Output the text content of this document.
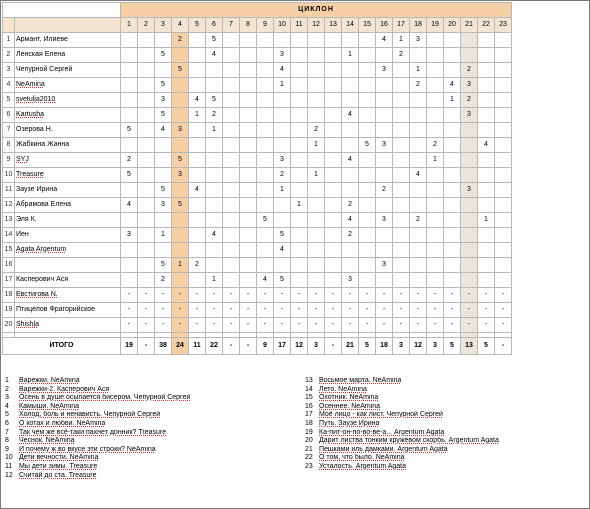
		ЦИКЛОН																						
		1	2	3	4	5	6	7	8	9	10	11	12	13	14	15	16	17	18	19	20	21	22	23
1	Армант, Илиеве				2		5										4	1	3					
2	Ленская Елена			5			4				3				1			2						
3	Чепурной Сергей				5						4						3		1			2		
4	NeAmina			5							1								2		4	3		
5	svetulja2010			3		4	5														1	2		
6	Kartusha			5		1	2								4							3		
7	Озерова Н.	5		4	3		1						2											
8	Жабкина Жанна												1			5	3			2			4	
9	SYJ	2			5						3				4					1				
10	Treasure	5			3						2		1						4					
11	Заузе Ирина			5		4					1						2					3		
12	Абрамова Елена	4		3	5							1			2									
13	Эля К.									5					4		3		2				1	
14	Иен	3		1			4				5				2									
15	Agata Argentum										4													
16				5	1	2											3							
17	Касперович Ася			2			1			4	5				3									
18	Евстигова N.	-	-	-	-	-	-	-	-	-	-	-	-	-	-	-	-	-	-	-	-	-	-	-
19	Птицелов Фрагорийское	-	-	-	-	-	-	-	-	-	-	-	-	-	-	-	-	-	-	-	-	-	-	-
20	Shishla	-	-	-	-	-	-	-	-	-	-	-	-	-	-	-	-	-	-	-	-	-	-	-

ИТОГО		19	-	38	24	11	22	-	-	9	17	12	3	-	21	5	18	3	12	3	5	13	5	-
1 Варежки. NeAmina
2 Варежки-2. Касперович Ася
3 Осень в душе осыпается бисером. Чепурной Сергей
4 Камыши. NeAmina
5 Холод, боль и ненависть. Чепурной Сергей
6 О котах и любви. NeAmina
7 Так чем же всё-таки пахнет донник? Treasure
8 Чеснок. NeAmina
9 И почему ж во вкусе эти строки? NeAmina
10 Дети вечности. NeAmina
11 Мы дети зимы. Treasure
12 Считай до ста. Treasure
13 Восьмое марта. NeAmina
14 Лето. NeAmina
15 Охотник. NeAmina
16 Осеннее. NeAmina
17 Моё лицо - как лист. Чепурной Сергей
18 Путь. Заузе Ирина
19 Ка-пит-он-по-во-ве-а... Argentum Agata
20 Дарит листва тонким кружевом скорбь. Argentum Agata
21 Пешками иль дамками. Argentum Agata
22 О том, что было. NeAmina
23 Усталость. Argentum Agata
